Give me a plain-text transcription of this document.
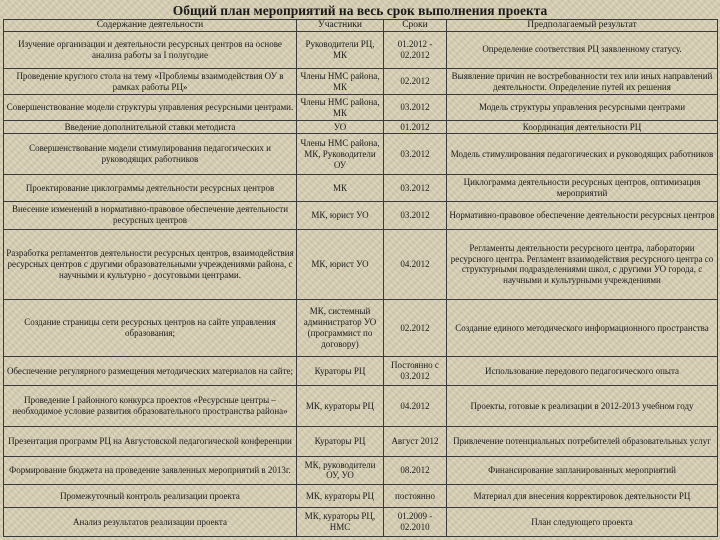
Общий план мероприятий на весь срок выполнения проекта
Содержание деятельности	Участники	Сроки	Предполагаемый результат
Изучение организации и деятельности ресурсных центров на основе анализа работы за I полугодие	Руководители РЦ, МК	01.2012 - 02.2012	Определение соответствия РЦ заявленному статусу.
Проведение круглого стола на тему «Проблемы взаимодействия ОУ в рамках работы РЦ»	Члены НМС района, МК	02.2012	Выявление причин не востребованности тех или иных направлений деятельности. Определение путей их решения
Совершенствование модели структуры управления ресурсными центрами.	Члены НМС района, МК	03.2012	Модель структуры управления ресурсными центрами
Введение дополнительной ставки методиста	УО	01.2012	Координация деятельности РЦ
Совершенствование модели стимулирования педагогических и руководящих работников	Члены НМС района, МК, Руководители ОУ	03.2012	Модель стимулирования педагогических и руководящих работников
Проектирование циклограммы деятельности ресурсных центров	МК	03.2012	Циклограмма деятельности ресурсных центров, оптимизация мероприятий
Внесение изменений в нормативно-правовое обеспечение деятельности ресурсных центров	МК, юрист УО	03.2012	Нормативно-правовое обеспечение деятельности ресурсных центров
Разработка регламентов деятельности ресурсных центров, взаимодействия ресурсных центров с другими образовательными учреждениями района, с научными и культурно - досуговыми центрами.	МК, юрист УО	04.2012	Регламенты деятельности ресурсного центра, лаборатории ресурсного центра. Регламент взаимодействия ресурсного центра со структурными подразделениями школ, с другими УО города, с научными и культурными учреждениями
Создание страницы сети ресурсных центров на сайте управления образования;	МК, системный администратор УО (программист по договору)	02.2012	Создание единого методического информационного пространства
Обеспечение регулярного размещения методических материалов на сайте;	Кураторы РЦ	Постоянно с 03.2012	Использование передового педагогического опыта
Проведение I районного конкурса проектов «Ресурсные центры – необходимое условие развития образовательного пространства района»	МК, кураторы РЦ	04.2012	Проекты, готовые к реализации в 2012-2013 учебном году
Презентация программ РЦ на Августовской педагогической конференции	Кураторы РЦ	Август 2012	Привлечение потенциальных потребителей образовательных услуг
Формирование бюджета на проведение заявленных мероприятий в 2013г.	МК, руководители ОУ, УО	08.2012	Финансирование запланированных мероприятий
Промежуточный контроль реализации проекта	МК, кураторы РЦ	постоянно	Материал для внесения корректировок деятельности РЦ
Анализ результатов реализации проекта	МК, кураторы РЦ, НМС	01.2009 - 02.2010	План следующего проекта
